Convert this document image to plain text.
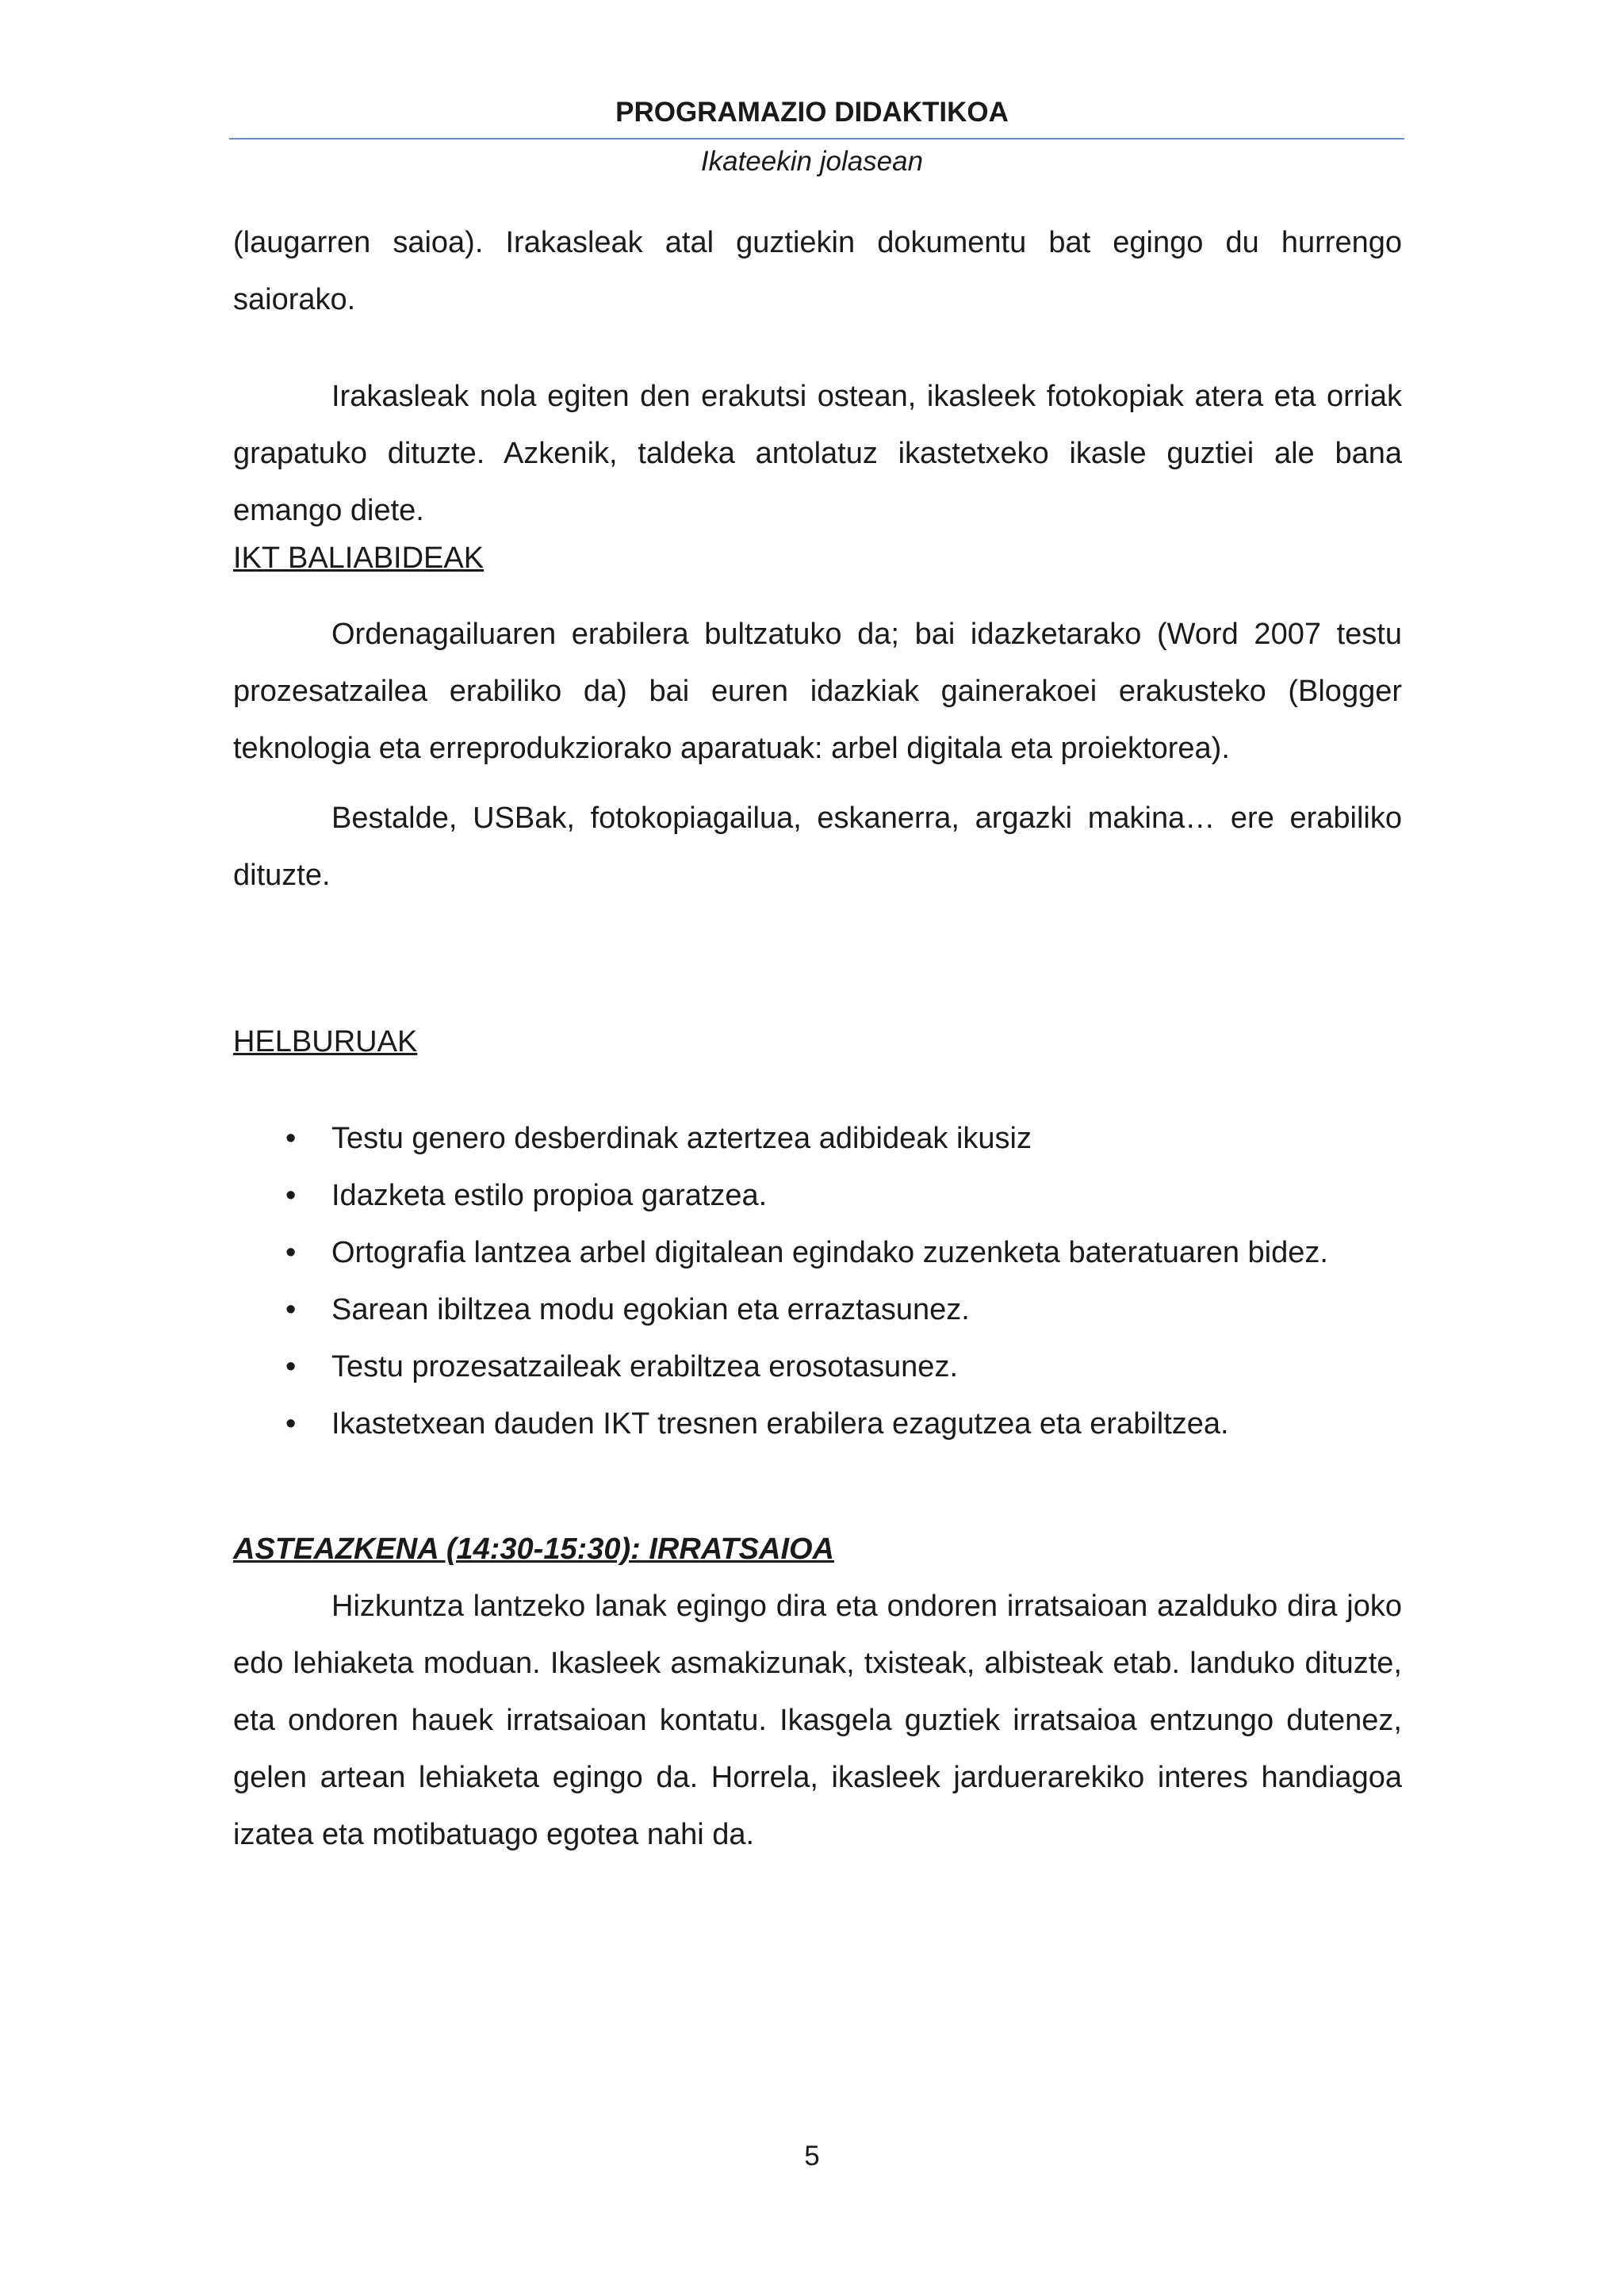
PROGRAMAZIO DIDAKTIKOA
Ikateekin jolasean

(laugarren saioa). Irakasleak atal guztiekin dokumentu bat egingo du hurrengo saiorako.

Irakasleak nola egiten den erakutsi ostean, ikasleek fotokopiak atera eta orriak grapatuko dituzte. Azkenik, taldeka antolatuz ikastetxeko ikasle guztiei ale bana emango diete.

IKT BALIABIDEAK

Ordenagailuaren erabilera bultzatuko da; bai idazketarako (Word 2007 testu prozesatzailea erabiliko da) bai euren idazkiak gainerakoei erakusteko (Blogger teknologia eta erreprodukziorako aparatuak: arbel digitala eta proiektorea).

Bestalde, USBak, fotokopiagailua, eskanerra, argazki makina… ere erabiliko dituzte.

HELBURUAK
• Testu genero desberdinak aztertzea adibideak ikusiz
• Idazketa estilo propioa garatzea.
• Ortografia lantzea arbel digitalean egindako zuzenketa bateratuaren bidez.
• Sarean ibiltzea modu egokian eta erraztasunez.
• Testu prozesatzaileak erabiltzea erosotasunez.
• Ikastetxean dauden IKT tresnen erabilera ezagutzea eta erabiltzea.
ASTEAZKENA (14:30-15:30): IRRATSAIOA

Hizkuntza lantzeko lanak egingo dira eta ondoren irratsaioan azalduko dira joko edo lehiaketa moduan. Ikasleek asmakizunak, txisteak, albisteak etab. landuko dituzte, eta ondoren hauek irratsaioan kontatu. Ikasgela guztiek irratsaioa entzungo dutenez, gelen artean lehiaketa egingo da. Horrela, ikasleek jarduerarekiko interes handiagoa izatea eta motibatuago egotea nahi da.

5
